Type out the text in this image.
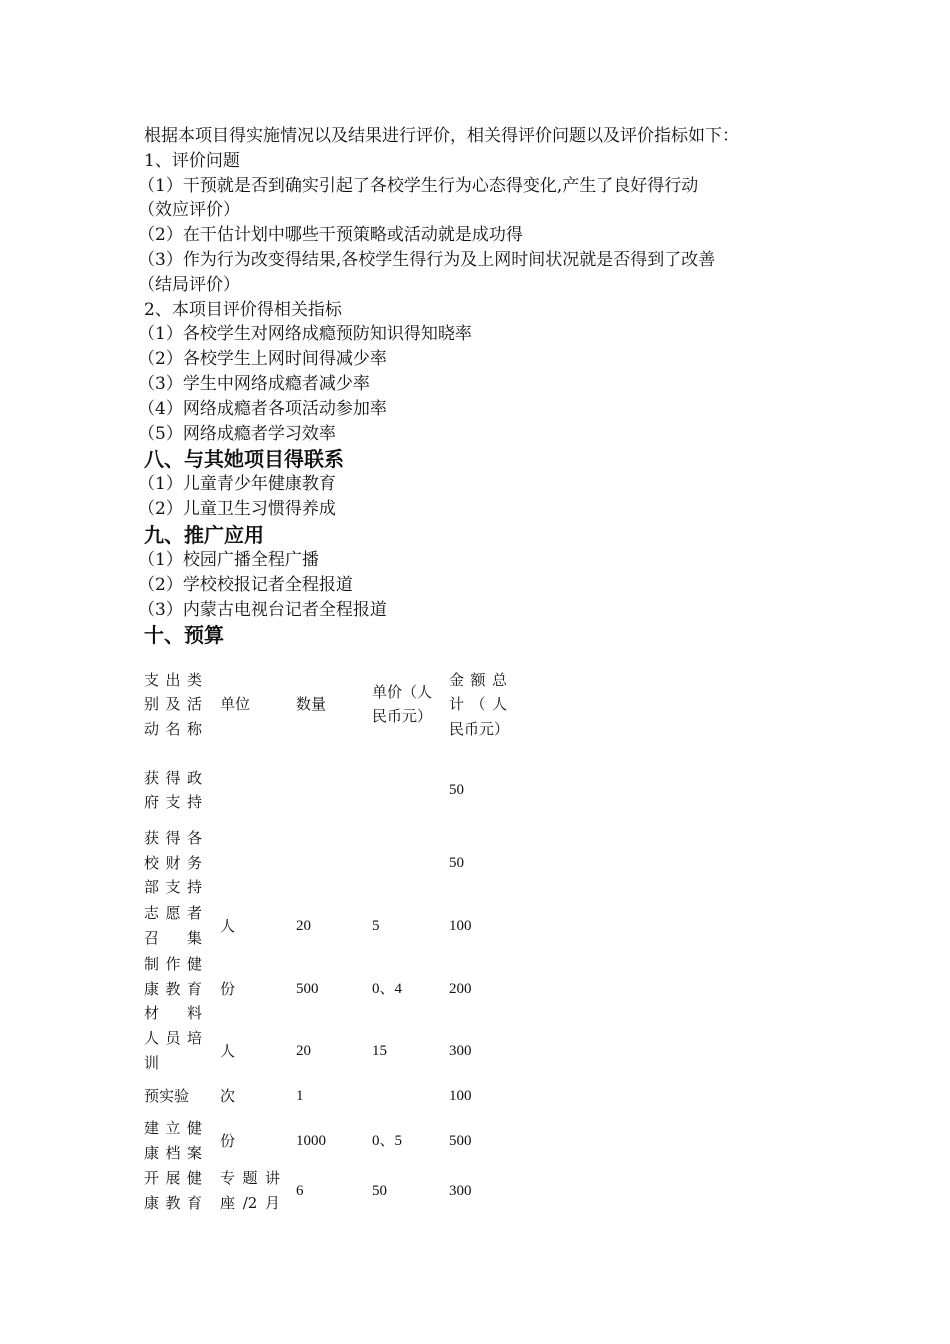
根据本项目得实施情况以及结果进行评价，相关得评价问题以及评价指标如下：
1、评价问题
（1）干预就是否到确实引起了各校学生行为心态得变化,产生了良好得行动
（效应评价）
（2）在干估计划中哪些干预策略或活动就是成功得
（3）作为行为改变得结果,各校学生得行为及上网时间状况就是否得到了改善
（结局评价）
2、本项目评价得相关指标
（1）各校学生对网络成瘾预防知识得知晓率
（2）各校学生上网时间得减少率
（3）学生中网络成瘾者减少率
（4）网络成瘾者各项活动参加率
（5）网络成瘾者学习效率
八、与其她项目得联系
（1）儿童青少年健康教育
（2）儿童卫生习惯得养成
九、推广应用
（1）校园广播全程广播
（2）学校校报记者全程报道
（3）内蒙古电视台记者全程报道
十、预算
支出类别及活动名称	单位	数量	单价（人民币元）	金额总计（人民币元）

获得政府支持				50

获得各校财务部支持				50

志愿者召集	人	20	5	100

制作健康教育材料	份	500	0、4	200

人员培训	人	20	15	300

预实验	次	1		100

建立健康档案	份	1000	0、5	500

开展健康教育	专题讲座/2月	6	50	300
